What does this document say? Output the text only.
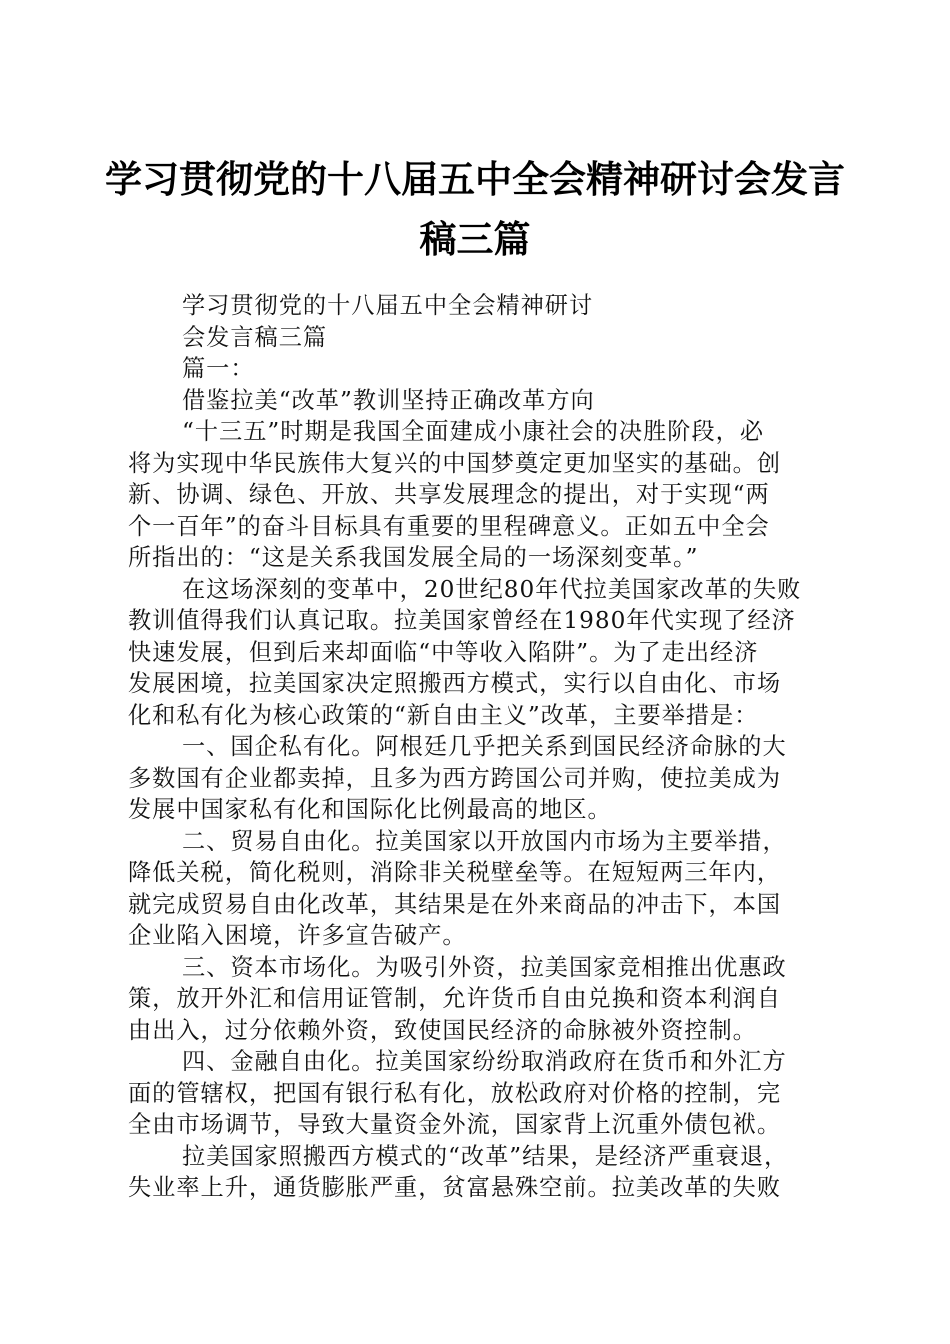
学习贯彻党的十八届五中全会精神研讨会发言
稿三篇
学习贯彻党的十八届五中全会精神研讨
会发言稿三篇
篇一：
借鉴拉美“改革”教训坚持正确改革方向
“十三五”时期是我国全面建成小康社会的决胜阶段，必
将为实现中华民族伟大复兴的中国梦奠定更加坚实的基础。创
新、协调、绿色、开放、共享发展理念的提出，对于实现“两
个一百年”的奋斗目标具有重要的里程碑意义。正如五中全会
所指出的：“这是关系我国发展全局的一场深刻变革。”
在这场深刻的变革中，20世纪80年代拉美国家改革的失败
教训值得我们认真记取。拉美国家曾经在1980年代实现了经济
快速发展，但到后来却面临“中等收入陷阱”。为了走出经济
发展困境，拉美国家决定照搬西方模式，实行以自由化、市场
化和私有化为核心政策的“新自由主义”改革，主要举措是：
一、国企私有化。阿根廷几乎把关系到国民经济命脉的大
多数国有企业都卖掉，且多为西方跨国公司并购，使拉美成为
发展中国家私有化和国际化比例最高的地区。
二、贸易自由化。拉美国家以开放国内市场为主要举措，
降低关税，简化税则，消除非关税壁垒等。在短短两三年内，
就完成贸易自由化改革，其结果是在外来商品的冲击下，本国
企业陷入困境，许多宣告破产。
三、资本市场化。为吸引外资，拉美国家竞相推出优惠政
策，放开外汇和信用证管制，允许货币自由兑换和资本利润自
由出入，过分依赖外资，致使国民经济的命脉被外资控制。
四、金融自由化。拉美国家纷纷取消政府在货币和外汇方
面的管辖权，把国有银行私有化，放松政府对价格的控制，完
全由市场调节，导致大量资金外流，国家背上沉重外债包袱。
拉美国家照搬西方模式的“改革”结果，是经济严重衰退，
失业率上升，通货膨胀严重，贫富悬殊空前。拉美改革的失败
